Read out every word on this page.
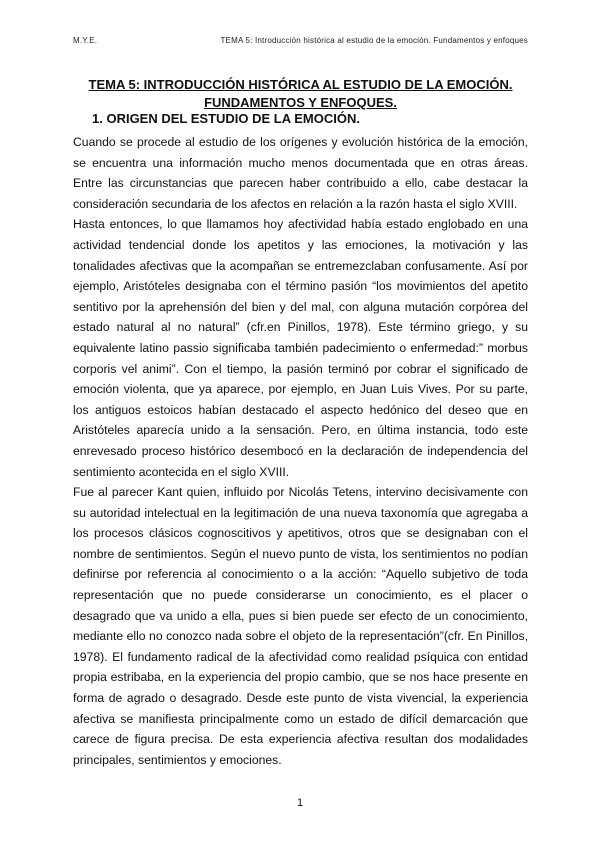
M.Y.E.	TEMA 5: Introducción histórica al estudio de la emoción. Fundamentos y enfoques
TEMA 5: INTRODUCCIÓN HISTÓRICA AL ESTUDIO DE LA EMOCIÓN.
FUNDAMENTOS Y ENFOQUES.
1. ORIGEN DEL ESTUDIO DE LA EMOCIÓN.

Cuando se procede al estudio de los orígenes y evolución histórica de la emoción, se encuentra una información mucho menos documentada que en otras áreas. Entre las circunstancias que parecen haber contribuido a ello, cabe destacar la consideración secundaria de los afectos en relación a la razón hasta el siglo XVIII.

Hasta entonces, lo que llamamos hoy afectividad había estado englobado en una actividad tendencial donde los apetitos y las emociones, la motivación y las tonalidades afectivas que la acompañan se entremezclaban confusamente. Así por ejemplo, Aristóteles designaba con el término pasión “los movimientos del apetito sentitivo por la aprehensión del bien y del mal, con alguna mutación corpórea del estado natural al no natural” (cfr.en Pinillos, 1978). Este término griego, y su equivalente latino passio significaba también padecimiento o enfermedad:” morbus corporis vel animi”. Con el tiempo, la pasión terminó por cobrar el significado de emoción violenta, que ya aparece, por ejemplo, en Juan Luis Vives. Por su parte, los antiguos estoicos habían destacado el aspecto hedónico del deseo que en Aristóteles aparecía unido a la sensación. Pero, en última instancia, todo este enrevesado proceso histórico desembocó en la declaración de independencia del sentimiento acontecida en el siglo XVIII.

Fue al parecer Kant quien, influido por Nicolás Tetens, intervino decisivamente con su autoridad intelectual en la legitimación de una nueva taxonomía que agregaba a los procesos clásicos cognoscitivos y apetitivos, otros que se designaban con el nombre de sentimientos. Según el nuevo punto de vista, los sentimientos no podían definirse por referencia al conocimiento o a la acción: “Aquello subjetivo de toda representación que no puede considerarse un conocimiento, es el placer o desagrado que va unido a ella, pues si bien puede ser efecto de un conocimiento, mediante ello no conozco nada sobre el objeto de la representación”(cfr. En Pinillos, 1978). El fundamento radical de la afectividad como realidad psíquica con entidad propia estribaba, en la experiencia del propio cambio, que se nos hace presente en forma de agrado o desagrado. Desde este punto de vista vivencial, la experiencia afectiva se manifiesta principalmente como un estado de difícil demarcación que carece de figura precisa. De esta experiencia afectiva resultan dos modalidades principales, sentimientos y emociones.

1
